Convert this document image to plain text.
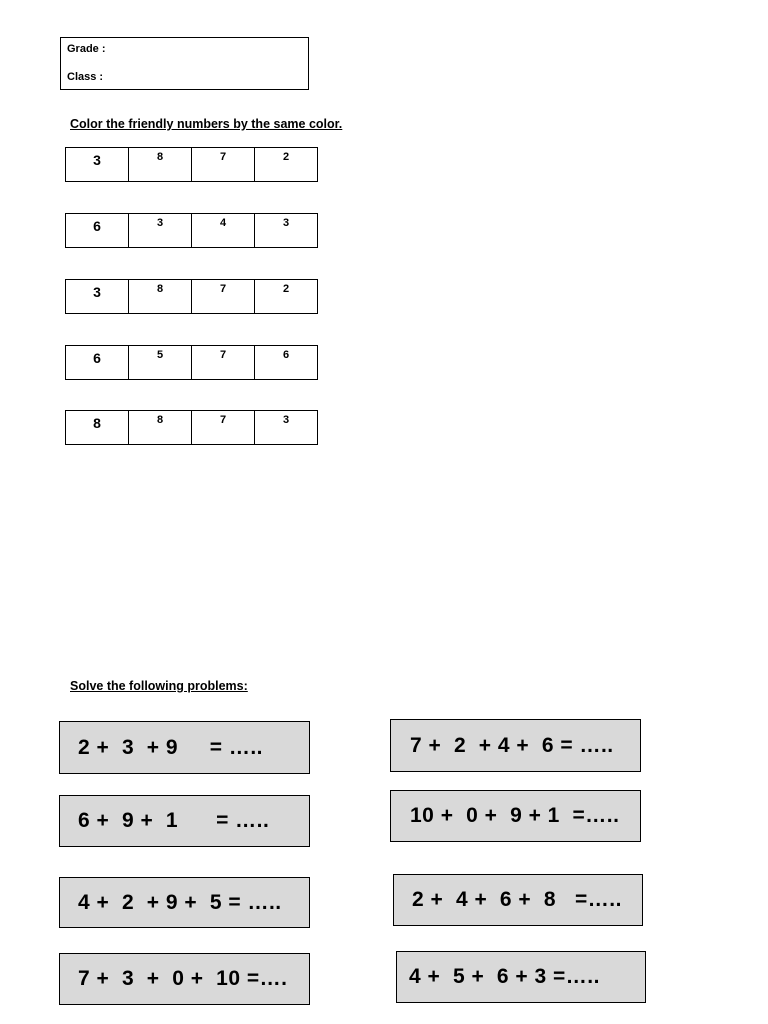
Grade :
Class :
Color the friendly numbers by the same color.
3	8	7	2
6	3	4	3
3	8	7	2
6	5	7	6
8	8	7	3
Solve the following problems:
2 +  3  + 9     = …..
6 +  9 +  1      = …..
4 +  2  + 9 +  5 = …..
7 +  3  +  0 +  10 =….
7 +  2  + 4 +  6 = …..
10 +  0 +  9 + 1  =…..
2 +  4 +  6 +  8   =…..
4 +  5 +  6 + 3 =…..
